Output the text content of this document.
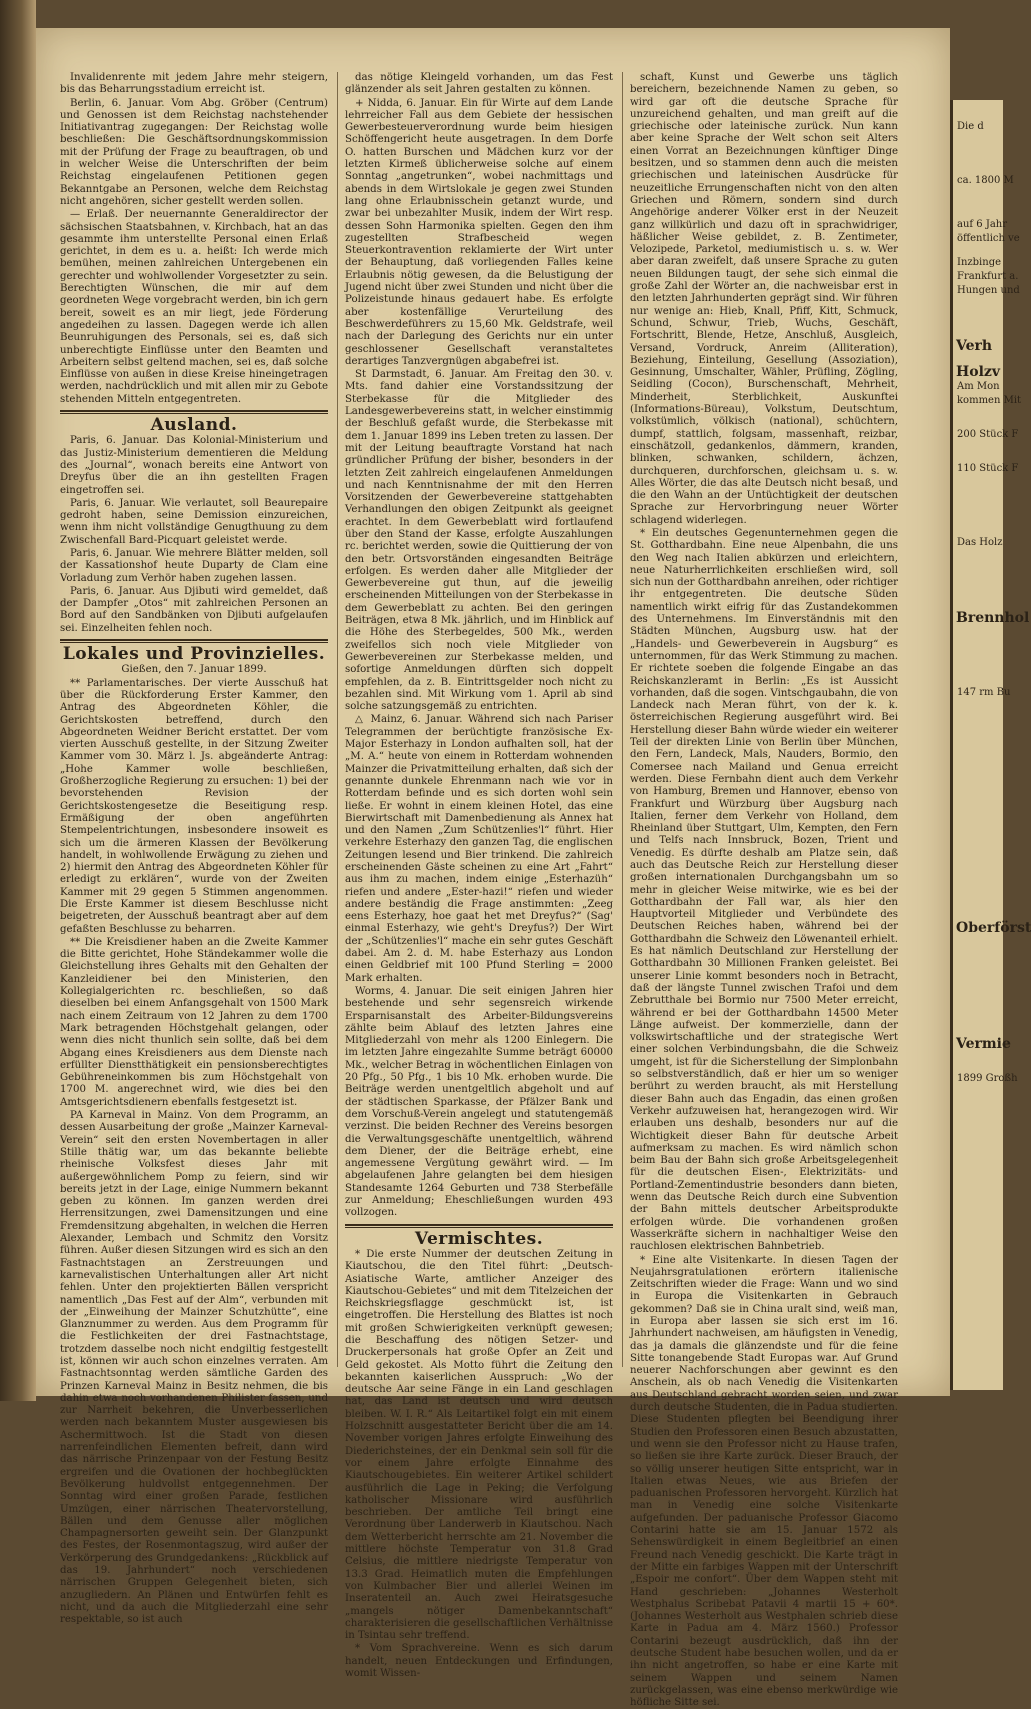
Invalidenrente mit jedem Jahre mehr steigern, bis das Beharrungsstadium erreicht ist.

Berlin, 6. Januar. Vom Abg. Gröber (Centrum) und Genossen ist dem Reichstag nachstehender Initiativantrag zugegangen: Der Reichstag wolle beschließen: Die Geschäftsordnungskommission mit der Prüfung der Frage zu beauftragen, ob und in welcher Weise die Unterschriften der beim Reichstag eingelaufenen Petitionen gegen Bekanntgabe an Personen, welche dem Reichstag nicht angehören, sicher gestellt werden sollen.

— Erlaß. Der neuernannte Generaldirector der sächsischen Staatsbahnen, v. Kirchbach, hat an das gesammte ihm unterstellte Personal einen Erlaß gerichtet, in dem es u. a. heißt: Ich werde mich bemühen, meinen zahlreichen Untergebenen ein gerechter und wohlwollender Vorgesetzter zu sein. Berechtigten Wünschen, die mir auf dem geordneten Wege vorgebracht werden, bin ich gern bereit, soweit es an mir liegt, jede Förderung angedeihen zu lassen. Dagegen werde ich allen Beunruhigungen des Personals, sei es, daß sich unberechtigte Einflüsse unter den Beamten und Arbeitern selbst geltend machen, sei es, daß solche Einflüsse von außen in diese Kreise hineingetragen werden, nachdrücklich und mit allen mir zu Gebote stehenden Mitteln entgegentreten.

Ausland.

Paris, 6. Januar. Das Kolonial-Ministerium und das Justiz-Ministerium dementieren die Meldung des „Journal“, wonach bereits eine Antwort von Dreyfus über die an ihn gestellten Fragen eingetroffen sei.

Paris, 6. Januar. Wie verlautet, soll Beaurepaire gedroht haben, seine Demission einzureichen, wenn ihm nicht vollständige Genugthuung zu dem Zwischenfall Bard-Picquart geleistet werde.

Paris, 6. Januar. Wie mehrere Blätter melden, soll der Kassationshof heute Duparty de Clam eine Vorladung zum Verhör haben zugehen lassen.

Paris, 6. Januar. Aus Djibuti wird gemeldet, daß der Dampfer „Otos“ mit zahlreichen Personen an Bord auf den Sandbänken von Djibuti aufgelaufen sei. Einzelheiten fehlen noch.

Lokales und Provinzielles.

Gießen, den 7. Januar 1899.

** Parlamentarisches. Der vierte Ausschuß hat über die Rückforderung Erster Kammer, den Antrag des Abgeordneten Köhler, die Gerichtskosten betreffend, durch den Abgeordneten Weidner Bericht erstattet. Der vom vierten Ausschuß gestellte, in der Sitzung Zweiter Kammer vom 30. März l. Js. abgeänderte Antrag: „Hohe Kammer wolle beschließen, Großherzogliche Regierung zu ersuchen: 1) bei der bevorstehenden Revision der Gerichtskostengesetze die Beseitigung resp. Ermäßigung der oben angeführten Stempelentrichtungen, insbesondere insoweit es sich um die ärmeren Klassen der Bevölkerung handelt, in wohlwollende Erwägung zu ziehen und 2) hiermit den Antrag des Abgeordneten Köhler für erledigt zu erklären“, wurde von der Zweiten Kammer mit 29 gegen 5 Stimmen angenommen. Die Erste Kammer ist diesem Beschlusse nicht beigetreten, der Ausschuß beantragt aber auf dem gefaßten Beschlusse zu beharren.

** Die Kreisdiener haben an die Zweite Kammer die Bitte gerichtet, Hohe Ständekammer wolle die Gleichstellung ihres Gehalts mit den Gehalten der Kanzleidiener bei den Ministerien, den Kollegialgerichten rc. beschließen, so daß dieselben bei einem Anfangsgehalt von 1500 Mark nach einem Zeitraum von 12 Jahren zu dem 1700 Mark betragenden Höchstgehalt gelangen, oder wenn dies nicht thunlich sein sollte, daß bei dem Abgang eines Kreisdieners aus dem Dienste nach erfüllter Dienstthätigkeit ein pensionsberechtigtes Gebühreneinkommen bis zum Höchstgehalt von 1700 M. angerechnet wird, wie dies bei den Amtsgerichtsdienern ebenfalls festgesetzt ist.

PA Karneval in Mainz. Von dem Programm, an dessen Ausarbeitung der große „Mainzer Karneval-Verein“ seit den ersten Novembertagen in aller Stille thätig war, um das bekannte beliebte rheinische Volksfest dieses Jahr mit außergewöhnlichem Pomp zu feiern, sind wir bereits jetzt in der Lage, einige Nummern bekannt geben zu können. Im ganzen werden drei Herrensitzungen, zwei Damensitzungen und eine Fremdensitzung abgehalten, in welchen die Herren Alexander, Lembach und Schmitz den Vorsitz führen. Außer diesen Sitzungen wird es sich an den Fastnachtstagen an Zerstreuungen und karnevalistischen Unterhaltungen aller Art nicht fehlen. Unter den projektierten Bällen verspricht namentlich „Das Fest auf der Alm“, verbunden mit der „Einweihung der Mainzer Schutzhütte“, eine Glanznummer zu werden. Aus dem Programm für die Festlichkeiten der drei Fastnachtstage, trotzdem dasselbe noch nicht endgiltig festgestellt ist, können wir auch schon einzelnes verraten. Am Fastnachtsonntag werden sämtliche Garden des Prinzen Karneval Mainz in Besitz nehmen, die bis dahin etwa noch vorhandenen Philister fassen, und zur Narrheit bekehren, die Unverbesserlichen werden nach bekanntem Muster ausgewiesen bis Aschermittwoch. Ist die Stadt von diesen narrenfeindlichen Elementen befreit, dann wird das närrische Prinzenpaar von der Festung Besitz ergreifen und die Ovationen der hochbeglückten Bevölkerung huldvollst entgegennehmen. Der Sonntag wird einer großen Parade, festlichen Umzügen, einer närrischen Theatervorstellung, Bällen und dem Genusse aller möglichen Champagnersorten geweiht sein. Der Glanzpunkt des Festes, der Rosenmontagszug, wird außer der Verkörperung des Grundgedankens: „Rückblick auf das 19. Jahrhundert“ noch verschiedenen närrischen Gruppen Gelegenheit bieten, sich anzugliedern. An Plänen und Entwürfen fehlt es nicht, und da auch die Mitgliederzahl eine sehr respektable, so ist auch

das nötige Kleingeld vorhanden, um das Fest glänzender als seit Jahren gestalten zu können.

+ Nidda, 6. Januar. Ein für Wirte auf dem Lande lehrreicher Fall aus dem Gebiete der hessischen Gewerbesteuerverordnung wurde beim hiesigen Schöffengericht heute ausgetragen. In dem Dorfe O. hatten Burschen und Mädchen kurz vor der letzten Kirmeß üblicherweise solche auf einem Sonntag „angetrunken“, wobei nachmittags und abends in dem Wirtslokale je gegen zwei Stunden lang ohne Erlaubnisschein getanzt wurde, und zwar bei unbezahlter Musik, indem der Wirt resp. dessen Sohn Harmonika spielten. Gegen den ihm zugestellten Strafbescheid wegen Steuerkontravention reklamierte der Wirt unter der Behauptung, daß vorliegenden Falles keine Erlaubnis nötig gewesen, da die Belustigung der Jugend nicht über zwei Stunden und nicht über die Polizeistunde hinaus gedauert habe. Es erfolgte aber kostenfällige Verurteilung des Beschwerdeführers zu 15,60 Mk. Geldstrafe, weil nach der Darlegung des Gerichts nur ein unter geschlossener Gesellschaft veranstaltetes derartiges Tanzvergnügen abgabefrei ist.

St Darmstadt, 6. Januar. Am Freitag den 30. v. Mts. fand dahier eine Vorstandssitzung der Sterbekasse für die Mitglieder des Landesgewerbevereins statt, in welcher einstimmig der Beschluß gefaßt wurde, die Sterbekasse mit dem 1. Januar 1899 ins Leben treten zu lassen. Der mit der Leitung beauftragte Vorstand hat nach gründlicher Prüfung der bisher, besonders in der letzten Zeit zahlreich eingelaufenen Anmeldungen und nach Kenntnisnahme der mit den Herren Vorsitzenden der Gewerbevereine stattgehabten Verhandlungen den obigen Zeitpunkt als geeignet erachtet. In dem Gewerbeblatt wird fortlaufend über den Stand der Kasse, erfolgte Auszahlungen rc. berichtet werden, sowie die Quittierung der von den betr. Ortsvorständen eingesandten Beiträge erfolgen. Es werden daher alle Mitglieder der Gewerbevereine gut thun, auf die jeweilig erscheinenden Mitteilungen von der Sterbekasse in dem Gewerbeblatt zu achten. Bei den geringen Beiträgen, etwa 8 Mk. jährlich, und im Hinblick auf die Höhe des Sterbegeldes, 500 Mk., werden zweifellos sich noch viele Mitglieder von Gewerbevereinen zur Sterbekasse melden, und sofortige Anmeldungen dürften sich doppelt empfehlen, da z. B. Eintrittsgelder noch nicht zu bezahlen sind. Mit Wirkung vom 1. April ab sind solche satzungsgemäß zu entrichten.

△ Mainz, 6. Januar. Während sich nach Pariser Telegrammen der berüchtigte französische Ex-Major Esterhazy in London aufhalten soll, hat der „M. A.“ heute von einem in Rotterdam wohnenden Mainzer die Privatmitteilung erhalten, daß sich der genannte dunkele Ehrenmann nach wie vor in Rotterdam befinde und es sich dorten wohl sein ließe. Er wohnt in einem kleinen Hotel, das eine Bierwirtschaft mit Damenbedienung als Annex hat und den Namen „Zum Schützenlies'l“ führt. Hier verkehre Esterhazy den ganzen Tag, die englischen Zeitungen lesend und Bier trinkend. Die zahlreich erscheinenden Gäste scheinen zu eine Art „Fahrt“ aus ihm zu machen, indem einige „Esterhazüh“ riefen und andere „Ester-hazi!“ riefen und wieder andere beständig die Frage anstimmten: „Zeeg eens Esterhazy, hoe gaat het met Dreyfus?“ (Sag' einmal Esterhazy, wie geht's Dreyfus?) Der Wirt der „Schützenlies'l“ mache ein sehr gutes Geschäft dabei. Am 2. d. M. habe Esterhazy aus London einen Geldbrief mit 100 Pfund Sterling = 2000 Mark erhalten.

Worms, 4. Januar. Die seit einigen Jahren hier bestehende und sehr segensreich wirkende Ersparnisanstalt des Arbeiter-Bildungsvereins zählte beim Ablauf des letzten Jahres eine Mitgliederzahl von mehr als 1200 Einlegern. Die im letzten Jahre eingezahlte Summe beträgt 60000 Mk., welcher Betrag in wöchentlichen Einlagen von 20 Pfg., 50 Pfg., 1 bis 10 Mk. erhoben wurde. Die Beiträge werden unentgeltlich abgeholt und auf der städtischen Sparkasse, der Pfälzer Bank und dem Vorschuß-Verein angelegt und statutengemäß verzinst. Die beiden Rechner des Vereins besorgen die Verwaltungsgeschäfte unentgeltlich, während dem Diener, der die Beiträge erhebt, eine angemessene Vergütung gewährt wird. — Im abgelaufenen Jahre gelangten bei dem hiesigen Standesamte 1264 Geburten und 738 Sterbefälle zur Anmeldung; Eheschließungen wurden 493 vollzogen.

Vermischtes.

* Die erste Nummer der deutschen Zeitung in Kiautschou, die den Titel führt: „Deutsch-Asiatische Warte, amtlicher Anzeiger des Kiautschou-Gebietes“ und mit dem Titelzeichen der Reichskriegsflagge geschmückt ist, ist eingetroffen. Die Herstellung des Blattes ist noch mit großen Schwierigkeiten verknüpft gewesen; die Beschaffung des nötigen Setzer- und Druckerpersonals hat große Opfer an Zeit und Geld gekostet. Als Motto führt die Zeitung den bekannten kaiserlichen Ausspruch: „Wo der deutsche Aar seine Fänge in ein Land geschlagen hat, das Land ist deutsch und wird deutsch bleiben. W. I. R.“ Als Leitartikel folgt ein mit einem Holzschnitt ausgestatteter Bericht über die am 14. November vorigen Jahres erfolgte Einweihung des Diederichsteines, der ein Denkmal sein soll für die vor einem Jahre erfolgte Einnahme des Kiautschougebietes. Ein weiterer Artikel schildert ausführlich die Lage in Peking; die Verfolgung katholischer Missionare wird ausführlich beschrieben. Der amtliche Teil bringt eine Verordnung über Landerwerb in Kiautschou. Nach dem Wetterbericht herrschte am 21. November die mittlere höchste Temperatur von 31.8 Grad Celsius, die mittlere niedrigste Temperatur von 13.3 Grad. Heimatlich muten die Empfehlungen von Kulmbacher Bier und allerlei Weinen im Inseratenteil an. Auch zwei Heiratsgesuche „mangels nötiger Damenbekanntschaft“ charakterisieren die gesellschaftlichen Verhältnisse in Tsintau sehr treffend.

* Vom Sprachvereine. Wenn es sich darum handelt, neuen Entdeckungen und Erfindungen, womit Wissen-

schaft, Kunst und Gewerbe uns täglich bereichern, bezeichnende Namen zu geben, so wird gar oft die deutsche Sprache für unzureichend gehalten, und man greift auf die griechische oder lateinische zurück. Nun kann aber keine Sprache der Welt schon seit Alters einen Vorrat an Bezeichnungen künftiger Dinge besitzen, und so stammen denn auch die meisten griechischen und lateinischen Ausdrücke für neuzeitliche Errungenschaften nicht von den alten Griechen und Römern, sondern sind durch Angehörige anderer Völker erst in der Neuzeit ganz willkürlich und dazu oft in sprachwidriger, häßlicher Weise gebildet, z. B. Zentimeter, Velozipede, Parketol, mediumistisch u. s. w. Wer aber daran zweifelt, daß unsere Sprache zu guten neuen Bildungen taugt, der sehe sich einmal die große Zahl der Wörter an, die nachweisbar erst in den letzten Jahrhunderten geprägt sind. Wir führen nur wenige an: Hieb, Knall, Pfiff, Kitt, Schmuck, Schund, Schwur, Trieb, Wuchs, Geschäft, Fortschritt, Blende, Hetze, Anschluß, Ausgleich, Versand, Vordruck, Anreim (Alliteration), Beziehung, Einteilung, Gesellung (Assoziation), Gesinnung, Umschalter, Wähler, Prüfling, Zögling, Seidling (Cocon), Burschenschaft, Mehrheit, Minderheit, Sterblichkeit, Auskunftei (Informations-Büreau), Volkstum, Deutschtum, volkstümlich, völkisch (national), schüchtern, dumpf, stattlich, folgsam, massenhaft, reizbar, einschätzoll, gedankenlos, dämmern, kranden, blinken, schwanken, schildern, ächzen, durchqueren, durchforschen, gleichsam u. s. w. Alles Wörter, die das alte Deutsch nicht besaß, und die den Wahn an der Untüchtigkeit der deutschen Sprache zur Hervorbringung neuer Wörter schlagend widerlegen.

* Ein deutsches Gegenunternehmen gegen die St. Gotthardbahn. Eine neue Alpenbahn, die uns den Weg nach Italien abkürzen und erleichtern, neue Naturherrlichkeiten erschließen wird, soll sich nun der Gotthardbahn anreihen, oder richtiger ihr entgegentreten. Die deutsche Süden namentlich wirkt eifrig für das Zustandekommen des Unternehmens. Im Einverständnis mit den Städten München, Augsburg usw. hat der „Handels- und Gewerbeverein in Augsburg“ es unternommen, für das Werk Stimmung zu machen. Er richtete soeben die folgende Eingabe an das Reichskanzleramt in Berlin: „Es ist Aussicht vorhanden, daß die sogen. Vintschgaubahn, die von Landeck nach Meran führt, von der k. k. österreichischen Regierung ausgeführt wird. Bei Herstellung dieser Bahn würde wieder ein weiterer Teil der direkten Linie von Berlin über München, den Fern, Landeck, Mals, Nauders, Bormio, den Comersee nach Mailand und Genua erreicht werden. Diese Fernbahn dient auch dem Verkehr von Hamburg, Bremen und Hannover, ebenso von Frankfurt und Würzburg über Augsburg nach Italien, ferner dem Verkehr von Holland, dem Rheinland über Stuttgart, Ulm, Kempten, den Fern und Telfs nach Innsbruck, Bozen, Trient und Venedig. Es dürfte deshalb am Platze sein, daß auch das Deutsche Reich zur Herstellung dieser großen internationalen Durchgangsbahn um so mehr in gleicher Weise mitwirke, wie es bei der Gotthardbahn der Fall war, als hier den Hauptvorteil Mitglieder und Verbündete des Deutschen Reiches haben, während bei der Gotthardbahn die Schweiz den Löwenanteil erhielt. Es hat nämlich Deutschland zur Herstellung der Gotthardbahn 30 Millionen Franken geleistet. Bei unserer Linie kommt besonders noch in Betracht, daß der längste Tunnel zwischen Trafoi und dem Zebrutthale bei Bormio nur 7500 Meter erreicht, während er bei der Gotthardbahn 14500 Meter Länge aufweist. Der kommerzielle, dann der volkswirtschaftliche und der strategische Wert einer solchen Verbindungsbahn, die die Schweiz umgeht, ist für die Sicherstellung der Simplonbahn so selbstverständlich, daß er hier um so weniger berührt zu werden braucht, als mit Herstellung dieser Bahn auch das Engadin, das einen großen Verkehr aufzuweisen hat, herangezogen wird. Wir erlauben uns deshalb, besonders nur auf die Wichtigkeit dieser Bahn für deutsche Arbeit aufmerksam zu machen. Es wird nämlich schon beim Bau der Bahn sich große Arbeitsgelegenheit für die deutschen Eisen-, Elektrizitäts- und Portland-Zementindustrie besonders dann bieten, wenn das Deutsche Reich durch eine Subvention der Bahn mittels deutscher Arbeitsprodukte erfolgen würde. Die vorhandenen großen Wasserkräfte sichern in nachhaltiger Weise den rauchlosen elektrischen Bahnbetrieb.

* Eine alte Visitenkarte. In diesen Tagen der Neujahrsgratulationen erörtern italienische Zeitschriften wieder die Frage: Wann und wo sind in Europa die Visitenkarten in Gebrauch gekommen? Daß sie in China uralt sind, weiß man, in Europa aber lassen sie sich erst im 16. Jahrhundert nachweisen, am häufigsten in Venedig, das ja damals die glänzendste und für die feine Sitte tonangebende Stadt Europas war. Auf Grund neuerer Nachforschungen aber gewinnt es den Anschein, als ob nach Venedig die Visitenkarten aus Deutschland gebracht worden seien, und zwar durch deutsche Studenten, die in Padua studierten. Diese Studenten pflegten bei Beendigung ihrer Studien den Professoren einen Besuch abzustatten, und wenn sie den Professor nicht zu Hause trafen, so ließen sie ihre Karte zurück. Dieser Brauch, der so völlig unserer heutigen Sitte entspricht, war in Italien etwas Neues, wie aus Briefen der paduanischen Professoren hervorgeht. Kürzlich hat man in Venedig eine solche Visitenkarte aufgefunden. Der paduanische Professor Giacomo Contarini hatte sie am 15. Januar 1572 als Sehenswürdigkeit in einem Begleitbrief an einen Freund nach Venedig geschickt. Die Karte trägt in der Mitte ein farbiges Wappen mit der Unterschrift „Espoir me confort“. Über dem Wappen steht mit Hand geschrieben: „Johannes Westerholt Westphalus Scribebat Patavii 4 martii 15 + 60*. (Johannes Westerholt aus Westphalen schrieb diese Karte in Padua am 4. März 1560.) Professor Contarini bezeugt ausdrücklich, daß ihn der deutsche Student habe besuchen wollen, und da er ihn nicht angetroffen, so habe er eine Karte mit seinem Wappen und seinem Namen zurückgelassen, was eine ebenso merkwürdige wie höfliche Sitte sei.

Die d
ca. 1800 M
auf 6 Jahr
öffentlich ve
Inzbinge
Frankfurt a.
Hungen und
Verh
Holzv
Am Mon
kommen Mit
200 Stück F
110 Stück F
Das Holz
Brennhol
147 rm Bu
Oberförst
Vermie
1899 Großh
